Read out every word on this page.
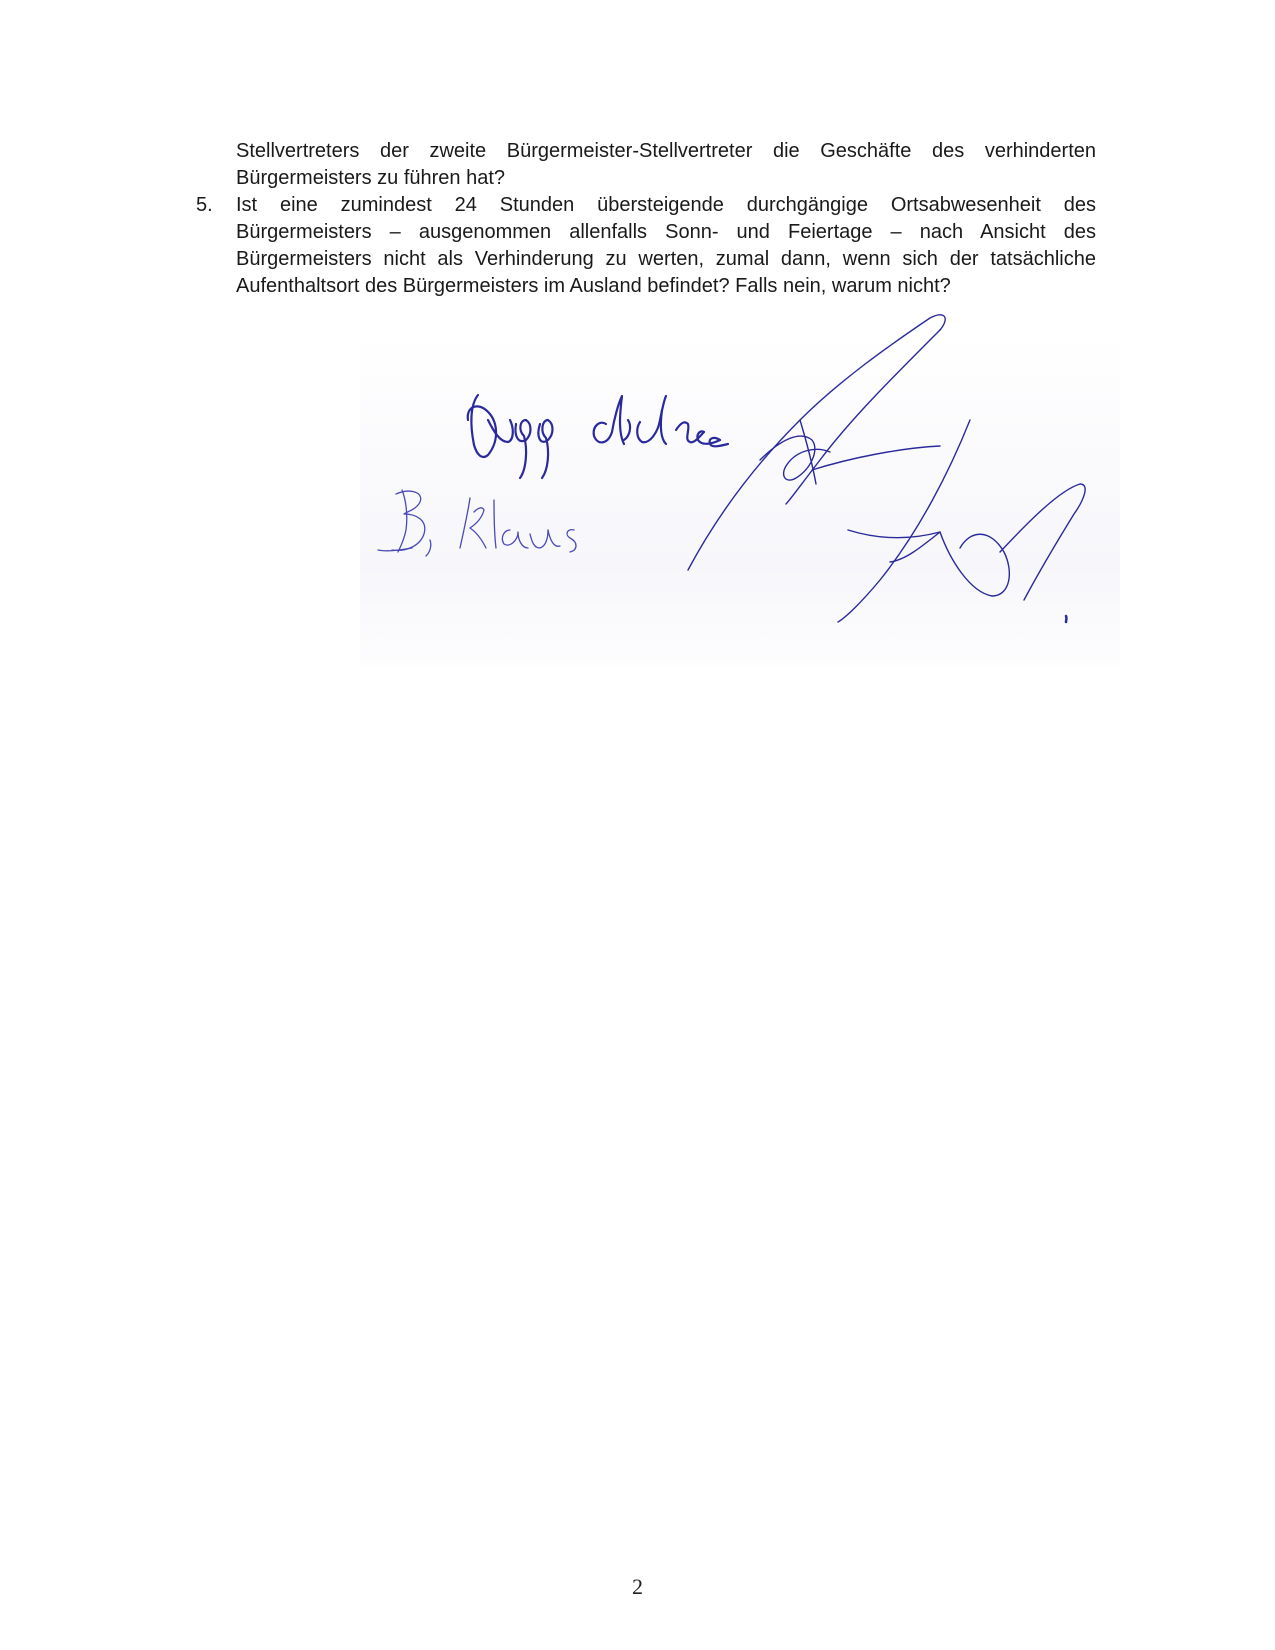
Stellvertreters der zweite Bürgermeister-Stellvertreter die Geschäfte des verhinderten Bürgermeisters zu führen hat?

5. Ist eine zumindest 24 Stunden übersteigende durchgängige Ortsabwesenheit des Bürgermeisters – ausgenommen allenfalls Sonn- und Feiertage – nach Ansicht des Bürgermeisters nicht als Verhinderung zu werten, zumal dann, wenn sich der tatsächliche Aufenthaltsort des Bürgermeisters im Ausland befindet? Falls nein, warum nicht?

2
